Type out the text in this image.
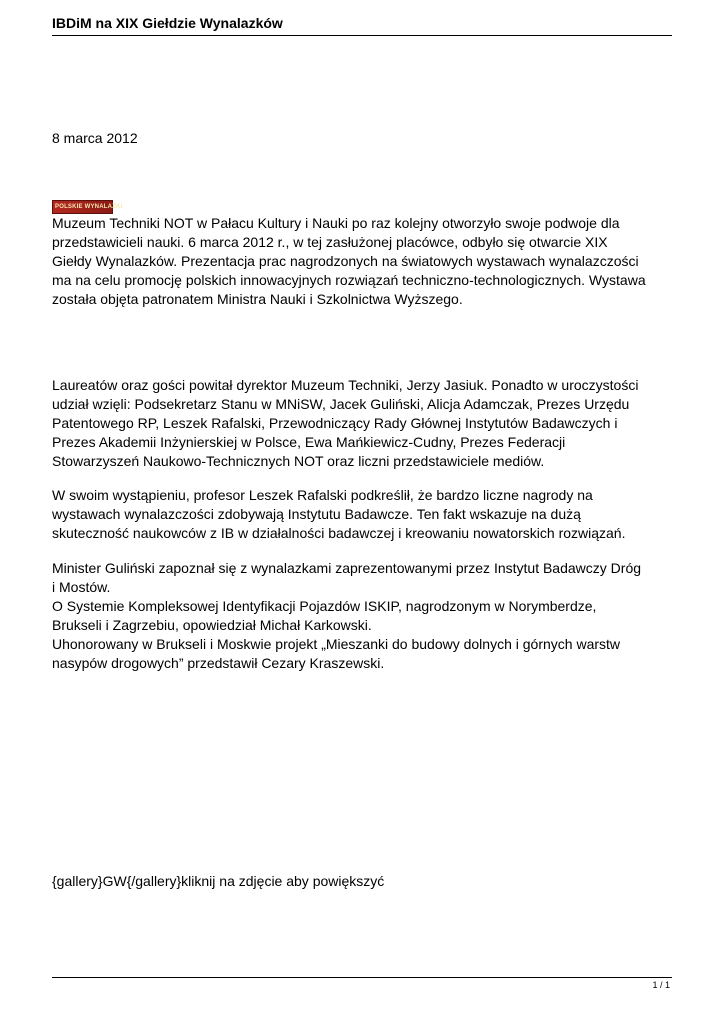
IBDiM na XIX Giełdzie Wynalazków
8 marca 2012
POLSKIE WYNALAZKI

Muzeum Techniki NOT w Pałacu Kultury i Nauki po raz kolejny otworzyło swoje podwoje dla
przedstawicieli nauki. 6 marca 2012 r., w tej zasłużonej placówce, odbyło się otwarcie XIX
Giełdy Wynalazków. Prezentacja prac nagrodzonych na światowych wystawach wynalazczości
ma na celu promocję polskich innowacyjnych rozwiązań techniczno-technologicznych. Wystawa
została objęta patronatem Ministra Nauki i Szkolnictwa Wyższego.

Laureatów oraz gości powitał dyrektor Muzeum Techniki, Jerzy Jasiuk. Ponadto w uroczystości
udział wzięli: Podsekretarz Stanu w MNiSW, Jacek Guliński, Alicja Adamczak, Prezes Urzędu
Patentowego RP, Leszek Rafalski, Przewodniczący Rady Głównej Instytutów Badawczych i
Prezes Akademii Inżynierskiej w Polsce, Ewa Mańkiewicz-Cudny, Prezes Federacji
Stowarzyszeń Naukowo-Technicznych NOT oraz liczni przedstawiciele mediów.

W swoim wystąpieniu, profesor Leszek Rafalski podkreślił, że bardzo liczne nagrody na
wystawach wynalazczości zdobywają Instytutu Badawcze. Ten fakt wskazuje na dużą
skuteczność naukowców z IB w działalności badawczej i kreowaniu nowatorskich rozwiązań.

Minister Guliński zapoznał się z wynalazkami zaprezentowanymi przez Instytut Badawczy Dróg
i Mostów.
O Systemie Kompleksowej Identyfikacji Pojazdów ISKIP, nagrodzonym w Norymberdze,
Brukseli i Zagrzebiu, opowiedział Michał Karkowski.
Uhonorowany w Brukseli i Moskwie projekt „Mieszanki do budowy dolnych i górnych warstw
nasypów drogowych” przedstawił Cezary Kraszewski.

{gallery}GW{/gallery}kliknij na zdjęcie aby powiększyć

1 / 1
